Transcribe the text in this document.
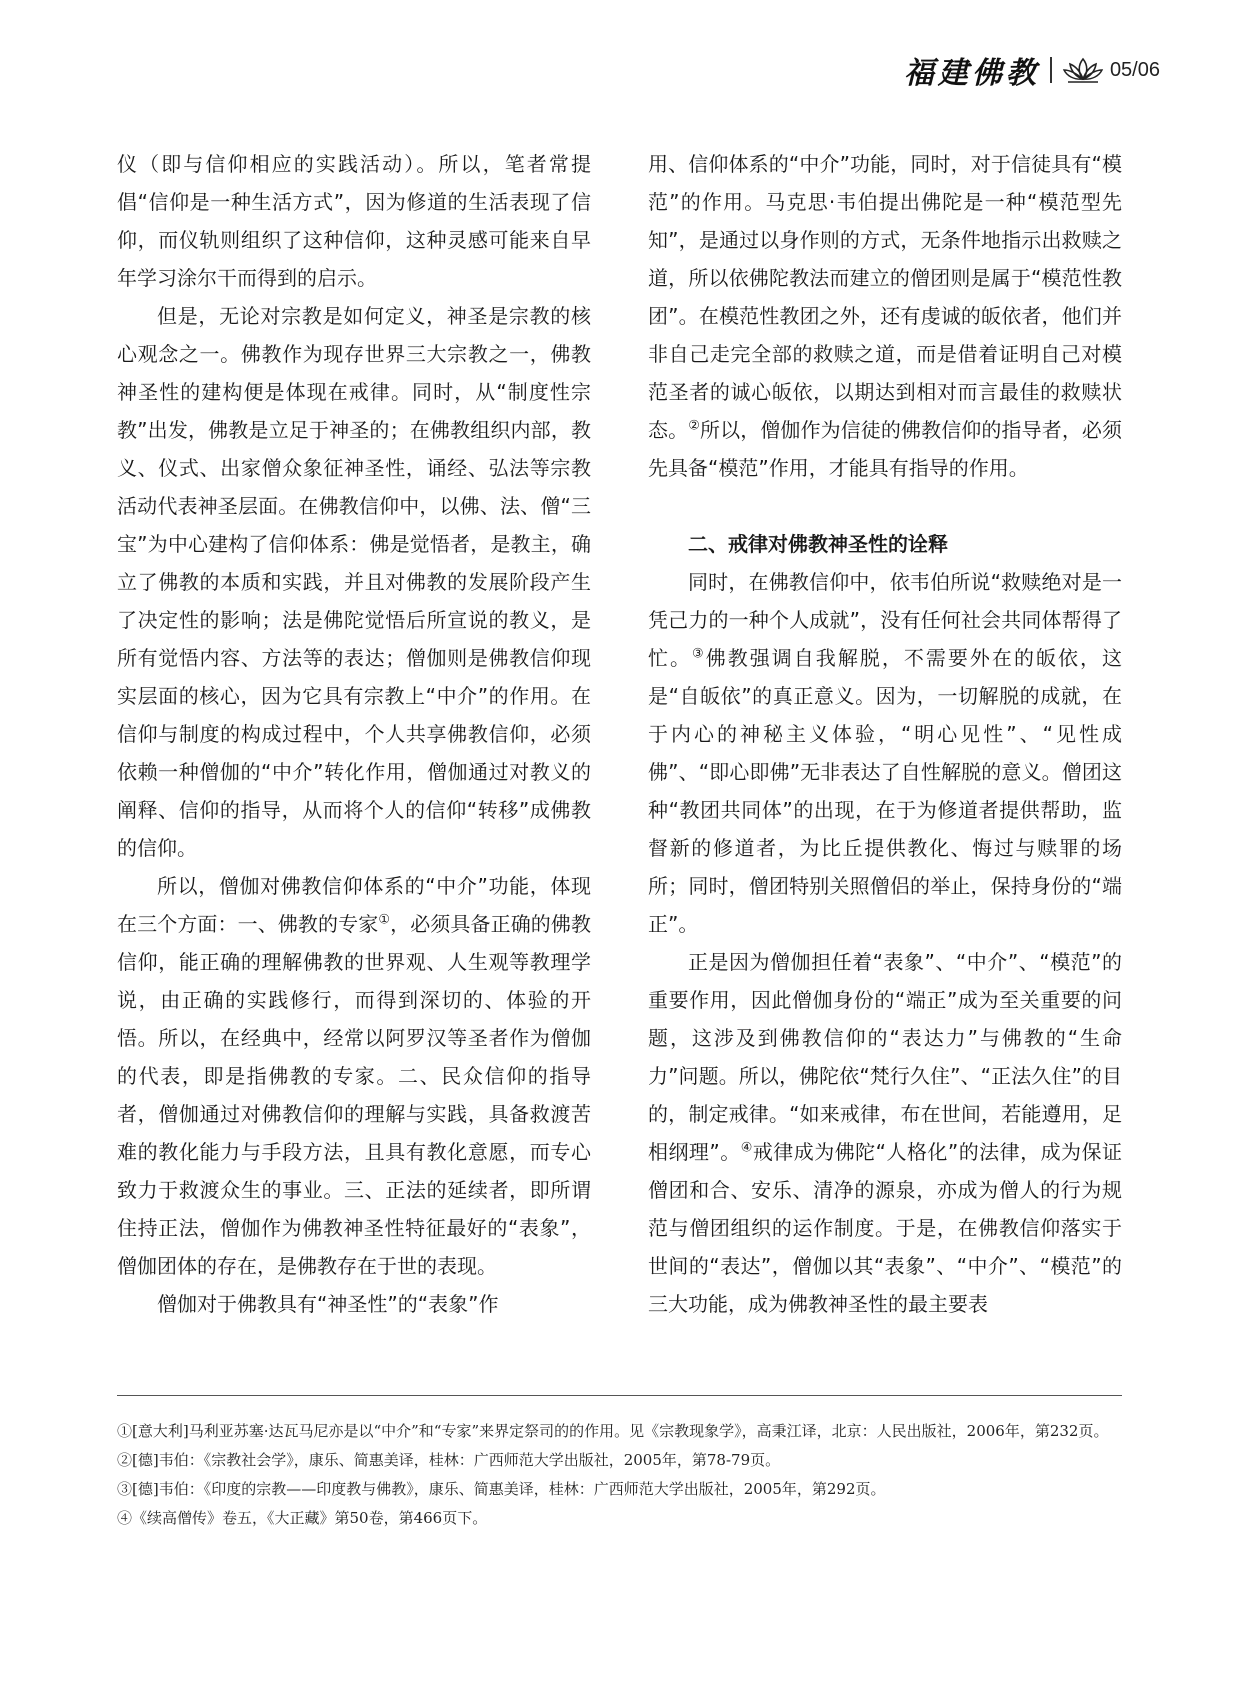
福建佛教	05/06

仪（即与信仰相应的实践活动）。所以，笔者常提倡“信仰是一种生活方式”，因为修道的生活表现了信仰，而仪轨则组织了这种信仰，这种灵感可能来自早年学习涂尔干而得到的启示。

但是，无论对宗教是如何定义，神圣是宗教的核心观念之一。佛教作为现存世界三大宗教之一，佛教神圣性的建构便是体现在戒律。同时，从“制度性宗教”出发，佛教是立足于神圣的；在佛教组织内部，教义、仪式、出家僧众象征神圣性，诵经、弘法等宗教活动代表神圣层面。在佛教信仰中，以佛、法、僧“三宝”为中心建构了信仰体系：佛是觉悟者，是教主，确立了佛教的本质和实践，并且对佛教的发展阶段产生了决定性的影响；法是佛陀觉悟后所宣说的教义，是所有觉悟内容、方法等的表达；僧伽则是佛教信仰现实层面的核心，因为它具有宗教上“中介”的作用。在信仰与制度的构成过程中，个人共享佛教信仰，必须依赖一种僧伽的“中介”转化作用，僧伽通过对教义的阐释、信仰的指导，从而将个人的信仰“转移”成佛教的信仰。

所以，僧伽对佛教信仰体系的“中介”功能，体现在三个方面：一、佛教的专家①，必须具备正确的佛教信仰，能正确的理解佛教的世界观、人生观等教理学说，由正确的实践修行，而得到深切的、体验的开悟。所以，在经典中，经常以阿罗汉等圣者作为僧伽的代表，即是指佛教的专家。二、民众信仰的指导者，僧伽通过对佛教信仰的理解与实践，具备救渡苦难的教化能力与手段方法，且具有教化意愿，而专心致力于救渡众生的事业。三、正法的延续者，即所谓住持正法，僧伽作为佛教神圣性特征最好的“表象”，僧伽团体的存在，是佛教存在于世的表现。

僧伽对于佛教具有“神圣性”的“表象”作

用、信仰体系的“中介”功能，同时，对于信徒具有“模范”的作用。马克思·韦伯提出佛陀是一种“模范型先知”，是通过以身作则的方式，无条件地指示出救赎之道，所以依佛陀教法而建立的僧团则是属于“模范性教团”。在模范性教团之外，还有虔诚的皈依者，他们并非自己走完全部的救赎之道，而是借着证明自己对模范圣者的诚心皈依，以期达到相对而言最佳的救赎状态。②所以，僧伽作为信徒的佛教信仰的指导者，必须先具备“模范”作用，才能具有指导的作用。

二、戒律对佛教神圣性的诠释

同时，在佛教信仰中，依韦伯所说“救赎绝对是一凭己力的一种个人成就”，没有任何社会共同体帮得了忙。③佛教强调自我解脱，不需要外在的皈依，这是“自皈依”的真正意义。因为，一切解脱的成就，在于内心的神秘主义体验，“明心见性”、“见性成佛”、“即心即佛”无非表达了自性解脱的意义。僧团这种“教团共同体”的出现，在于为修道者提供帮助，监督新的修道者，为比丘提供教化、悔过与赎罪的场所；同时，僧团特别关照僧侣的举止，保持身份的“端正”。

正是因为僧伽担任着“表象”、“中介”、“模范”的重要作用，因此僧伽身份的“端正”成为至关重要的问题，这涉及到佛教信仰的“表达力”与佛教的“生命力”问题。所以，佛陀依“梵行久住”、“正法久住”的目的，制定戒律。“如来戒律，布在世间，若能遵用，足相纲理”。④戒律成为佛陀“人格化”的法律，成为保证僧团和合、安乐、清净的源泉，亦成为僧人的行为规范与僧团组织的运作制度。于是，在佛教信仰落实于世间的“表达”，僧伽以其“表象”、“中介”、“模范”的三大功能，成为佛教神圣性的最主要表

①[意大利]马利亚苏塞·达瓦马尼亦是以“中介”和“专家”来界定祭司的的作用。见《宗教现象学》，高秉江译，北京：人民出版社，2006年，第232页。
②[德]韦伯：《宗教社会学》，康乐、简惠美译，桂林：广西师范大学出版社，2005年，第78-79页。
③[德]韦伯：《印度的宗教——印度教与佛教》，康乐、简惠美译，桂林：广西师范大学出版社，2005年，第292页。
④《续高僧传》卷五，《大正藏》第50卷，第466页下。
